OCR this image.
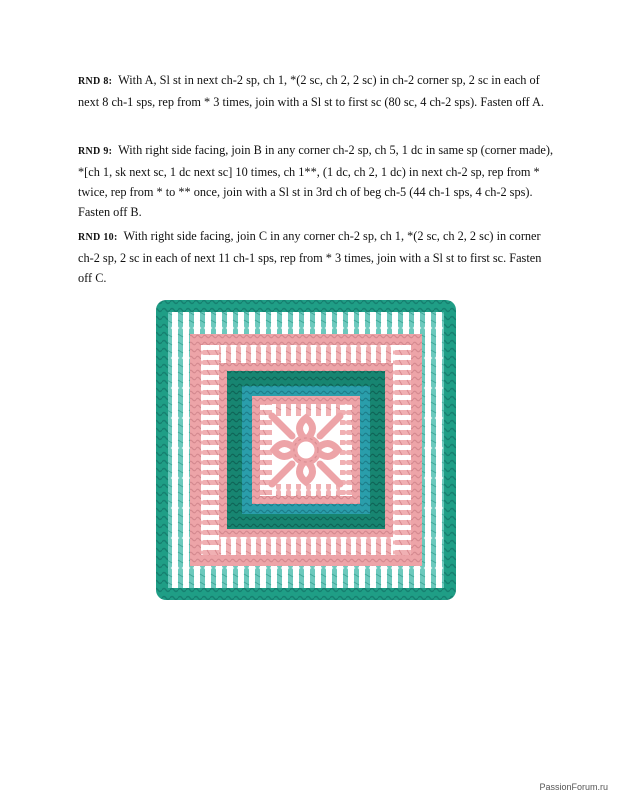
RND 8: With A, Sl st in next ch-2 sp, ch 1, *(2 sc, ch 2, 2 sc) in ch-2 corner sp, 2 sc in each of next 8 ch-1 sps, rep from * 3 times, join with a Sl st to first sc (80 sc, 4 ch-2 sps). Fasten off A.

RND 9: With right side facing, join B in any corner ch-2 sp, ch 5, 1 dc in same sp (corner made), *[ch 1, sk next sc, 1 dc next sc] 10 times, ch 1**, (1 dc, ch 2, 1 dc) in next ch-2 sp, rep from * twice, rep from * to ** once, join with a Sl st in 3rd ch of beg ch-5 (44 ch-1 sps, 4 ch-2 sps). Fasten off B.

RND 10: With right side facing, join C in any corner ch-2 sp, ch 1, *(2 sc, ch 2, 2 sc) in corner ch-2 sp, 2 sc in each of next 11 ch-1 sps, rep from * 3 times, join with a Sl st to first sc. Fasten off C.

PassionForum.ru
